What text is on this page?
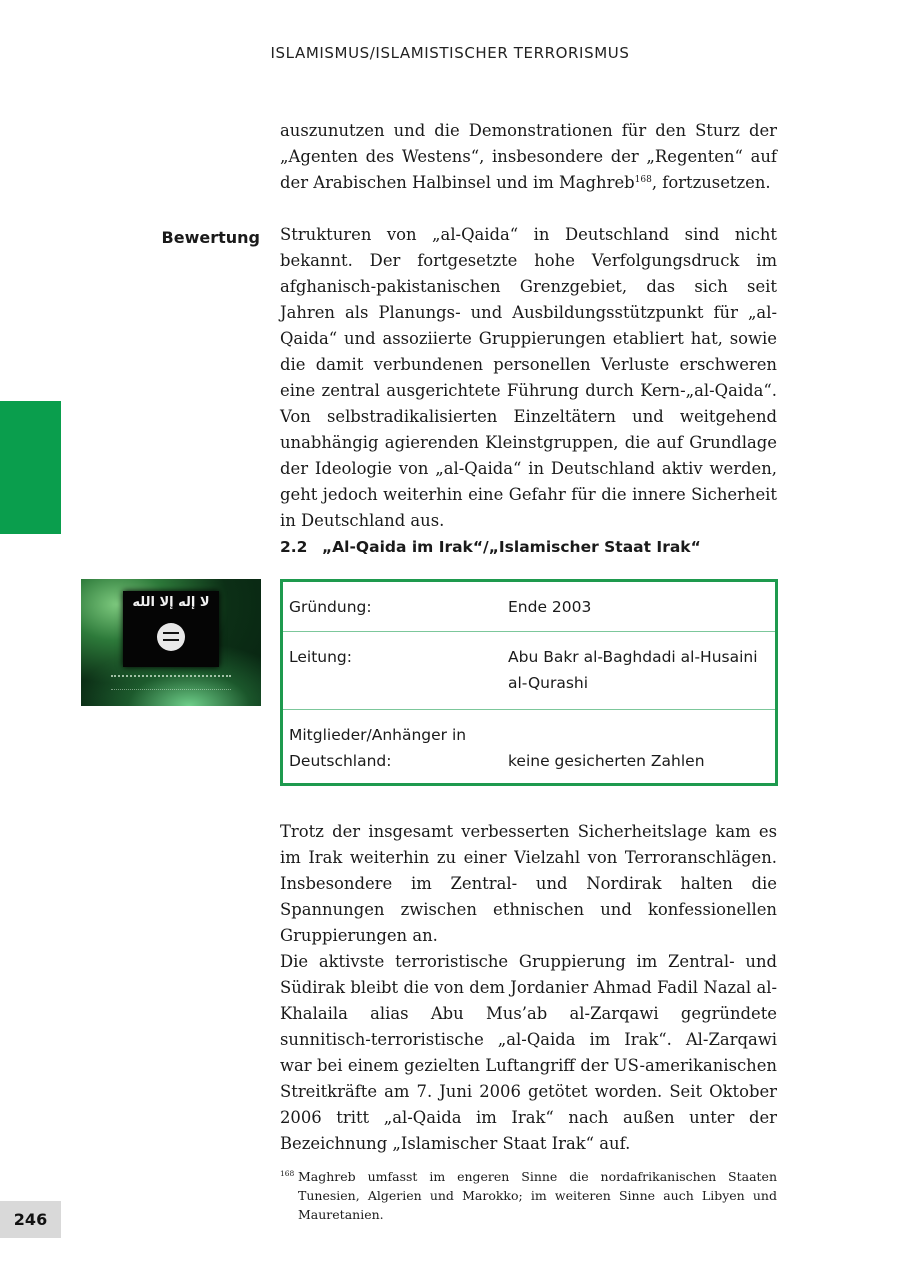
ISLAMISMUS/ISLAMISTISCHER TERRORISMUS

auszunutzen und die Demonstrationen für den Sturz der „Agenten des Westens“, insbesondere der „Regenten“ auf der Arabischen Halbinsel und im Maghreb$^{168}$, fortzusetzen.

Bewertung Strukturen von „al-Qaida“ in Deutschland sind nicht bekannt. Der fortgesetzte hohe Verfolgungsdruck im afghanisch-pakistanischen Grenzgebiet, das sich seit Jahren als Planungs- und Ausbildungsstützpunkt für „al-Qaida“ und assoziierte Gruppierungen etabliert hat, sowie die damit verbundenen personellen Verluste erschweren eine zentral ausgerichtete Führung durch Kern-„al-Qaida“. Von selbstradikalisierten Einzeltätern und weitgehend unabhängig agierenden Kleinstgruppen, die auf Grundlage der Ideologie von „al-Qaida“ in Deutschland aktiv werden, geht jedoch weiterhin eine Gefahr für die innere Sicherheit in Deutschland aus.

2.2 „Al-Qaida im Irak“/„Islamischer Staat Irak“
لا إله إلا الله	Gründung:	Ende 2003
Leitung:	Abu Bakr al-Baghdadi al-Husaini al-Qurashi
Mitglieder/Anhänger in Deutschland:	keine gesicherten Zahlen

Trotz der insgesamt verbesserten Sicherheitslage kam es im Irak weiterhin zu einer Vielzahl von Terroranschlägen. Insbesondere im Zentral- und Nordirak halten die Spannungen zwischen ethnischen und konfessionellen Gruppierungen an.

Die aktivste terroristische Gruppierung im Zentral- und Südirak bleibt die von dem Jordanier Ahmad Fadil Nazal al-Khalaila alias Abu Mus’ab al-Zarqawi gegründete sunnitisch-terroristische „al-Qaida im Irak“. Al-Zarqawi war bei einem gezielten Luftangriff der US-amerikanischen Streitkräfte am 7. Juni 2006 getötet worden. Seit Oktober 2006 tritt „al-Qaida im Irak“ nach außen unter der Bezeichnung „Islamischer Staat Irak“ auf.

168 Maghreb umfasst im engeren Sinne die nordafrikanischen Staaten Tunesien, Algerien und Marokko; im weiteren Sinne auch Libyen und Mauretanien.

246
